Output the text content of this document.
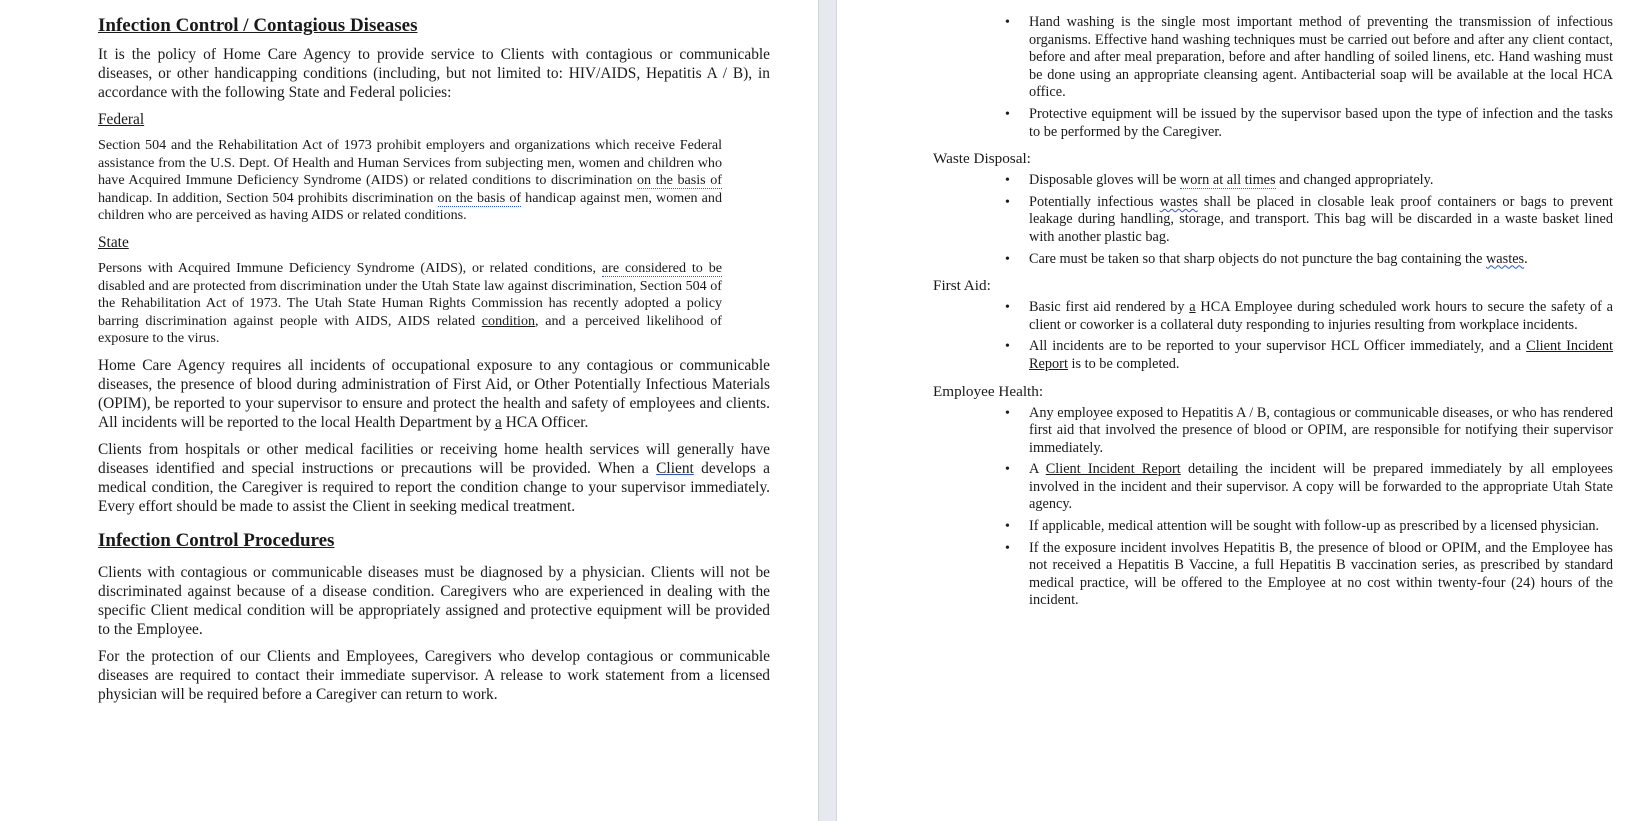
Infection Control / Contagious Diseases

It is the policy of Home Care Agency to provide service to Clients with contagious or communicable diseases, or other handicapping conditions (including, but not limited to: HIV/AIDS, Hepatitis A / B), in accordance with the following State and Federal policies:

Federal

Section 504 and the Rehabilitation Act of 1973 prohibit employers and organizations which receive Federal assistance from the U.S. Dept. Of Health and Human Services from subjecting men, women and children who have Acquired Immune Deficiency Syndrome (AIDS) or related conditions to discrimination on the basis of handicap. In addition, Section 504 prohibits discrimination on the basis of handicap against men, women and children who are perceived as having AIDS or related conditions.

State

Persons with Acquired Immune Deficiency Syndrome (AIDS), or related conditions, are considered to be disabled and are protected from discrimination under the Utah State law against discrimination, Section 504 of the Rehabilitation Act of 1973. The Utah State Human Rights Commission has recently adopted a policy barring discrimination against people with AIDS, AIDS related condition, and a perceived likelihood of exposure to the virus.

Home Care Agency requires all incidents of occupational exposure to any contagious or communicable diseases, the presence of blood during administration of First Aid, or Other Potentially Infectious Materials (OPIM), be reported to your supervisor to ensure and protect the health and safety of employees and clients. All incidents will be reported to the local Health Department by a HCA Officer.

Clients from hospitals or other medical facilities or receiving home health services will generally have diseases identified and special instructions or precautions will be provided. When a Client develops a medical condition, the Caregiver is required to report the condition change to your supervisor immediately. Every effort should be made to assist the Client in seeking medical treatment.

Infection Control Procedures

Clients with contagious or communicable diseases must be diagnosed by a physician. Clients will not be discriminated against because of a disease condition. Caregivers who are experienced in dealing with the specific Client medical condition will be appropriately assigned and protective equipment will be provided to the Employee.

For the protection of our Clients and Employees, Caregivers who develop contagious or communicable diseases are required to contact their immediate supervisor. A release to work statement from a licensed physician will be required before a Caregiver can return to work.

• Hand washing is the single most important method of preventing the transmission of infectious organisms. Effective hand washing techniques must be carried out before and after any client contact, before and after meal preparation, before and after handling of soiled linens, etc. Hand washing must be done using an appropriate cleansing agent. Antibacterial soap will be available at the local HCA office.
• Protective equipment will be issued by the supervisor based upon the type of infection and the tasks to be performed by the Caregiver.
Waste Disposal:
• Disposable gloves will be worn at all times and changed appropriately.
• Potentially infectious wastes shall be placed in closable leak proof containers or bags to prevent leakage during handling, storage, and transport. This bag will be discarded in a waste basket lined with another plastic bag.
• Care must be taken so that sharp objects do not puncture the bag containing the wastes.
First Aid:
• Basic first aid rendered by a HCA Employee during scheduled work hours to secure the safety of a client or coworker is a collateral duty responding to injuries resulting from workplace incidents.
• All incidents are to be reported to your supervisor HCL Officer immediately, and a Client Incident Report is to be completed.
Employee Health:
• Any employee exposed to Hepatitis A / B, contagious or communicable diseases, or who has rendered first aid that involved the presence of blood or OPIM, are responsible for notifying their supervisor immediately.
• A Client Incident Report detailing the incident will be prepared immediately by all employees involved in the incident and their supervisor. A copy will be forwarded to the appropriate Utah State agency.
• If applicable, medical attention will be sought with follow-up as prescribed by a licensed physician.
• If the exposure incident involves Hepatitis B, the presence of blood or OPIM, and the Employee has not received a Hepatitis B Vaccine, a full Hepatitis B vaccination series, as prescribed by standard medical practice, will be offered to the Employee at no cost within twenty-four (24) hours of the incident.
